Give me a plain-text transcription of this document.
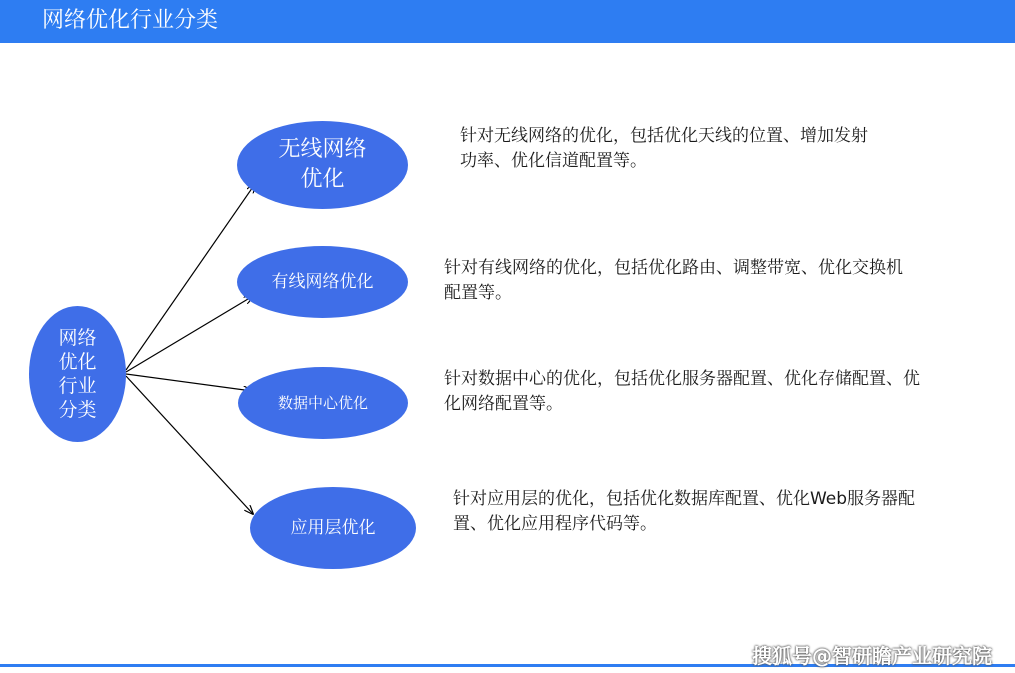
网络优化行业分类
网络优化行业分类
无线网络优化
有线网络优化
数据中心优化
应用层优化
针对无线网络的优化，包括优化天线的位置、增加发射功率、优化信道配置等。
针对有线网络的优化，包括优化路由、调整带宽、优化交换机配置等。
针对数据中心的优化，包括优化服务器配置、优化存储配置、优化网络配置等。
针对应用层的优化，包括优化数据库配置、优化Web服务器配置、优化应用程序代码等。
搜狐号@智研瞻产业研究院
